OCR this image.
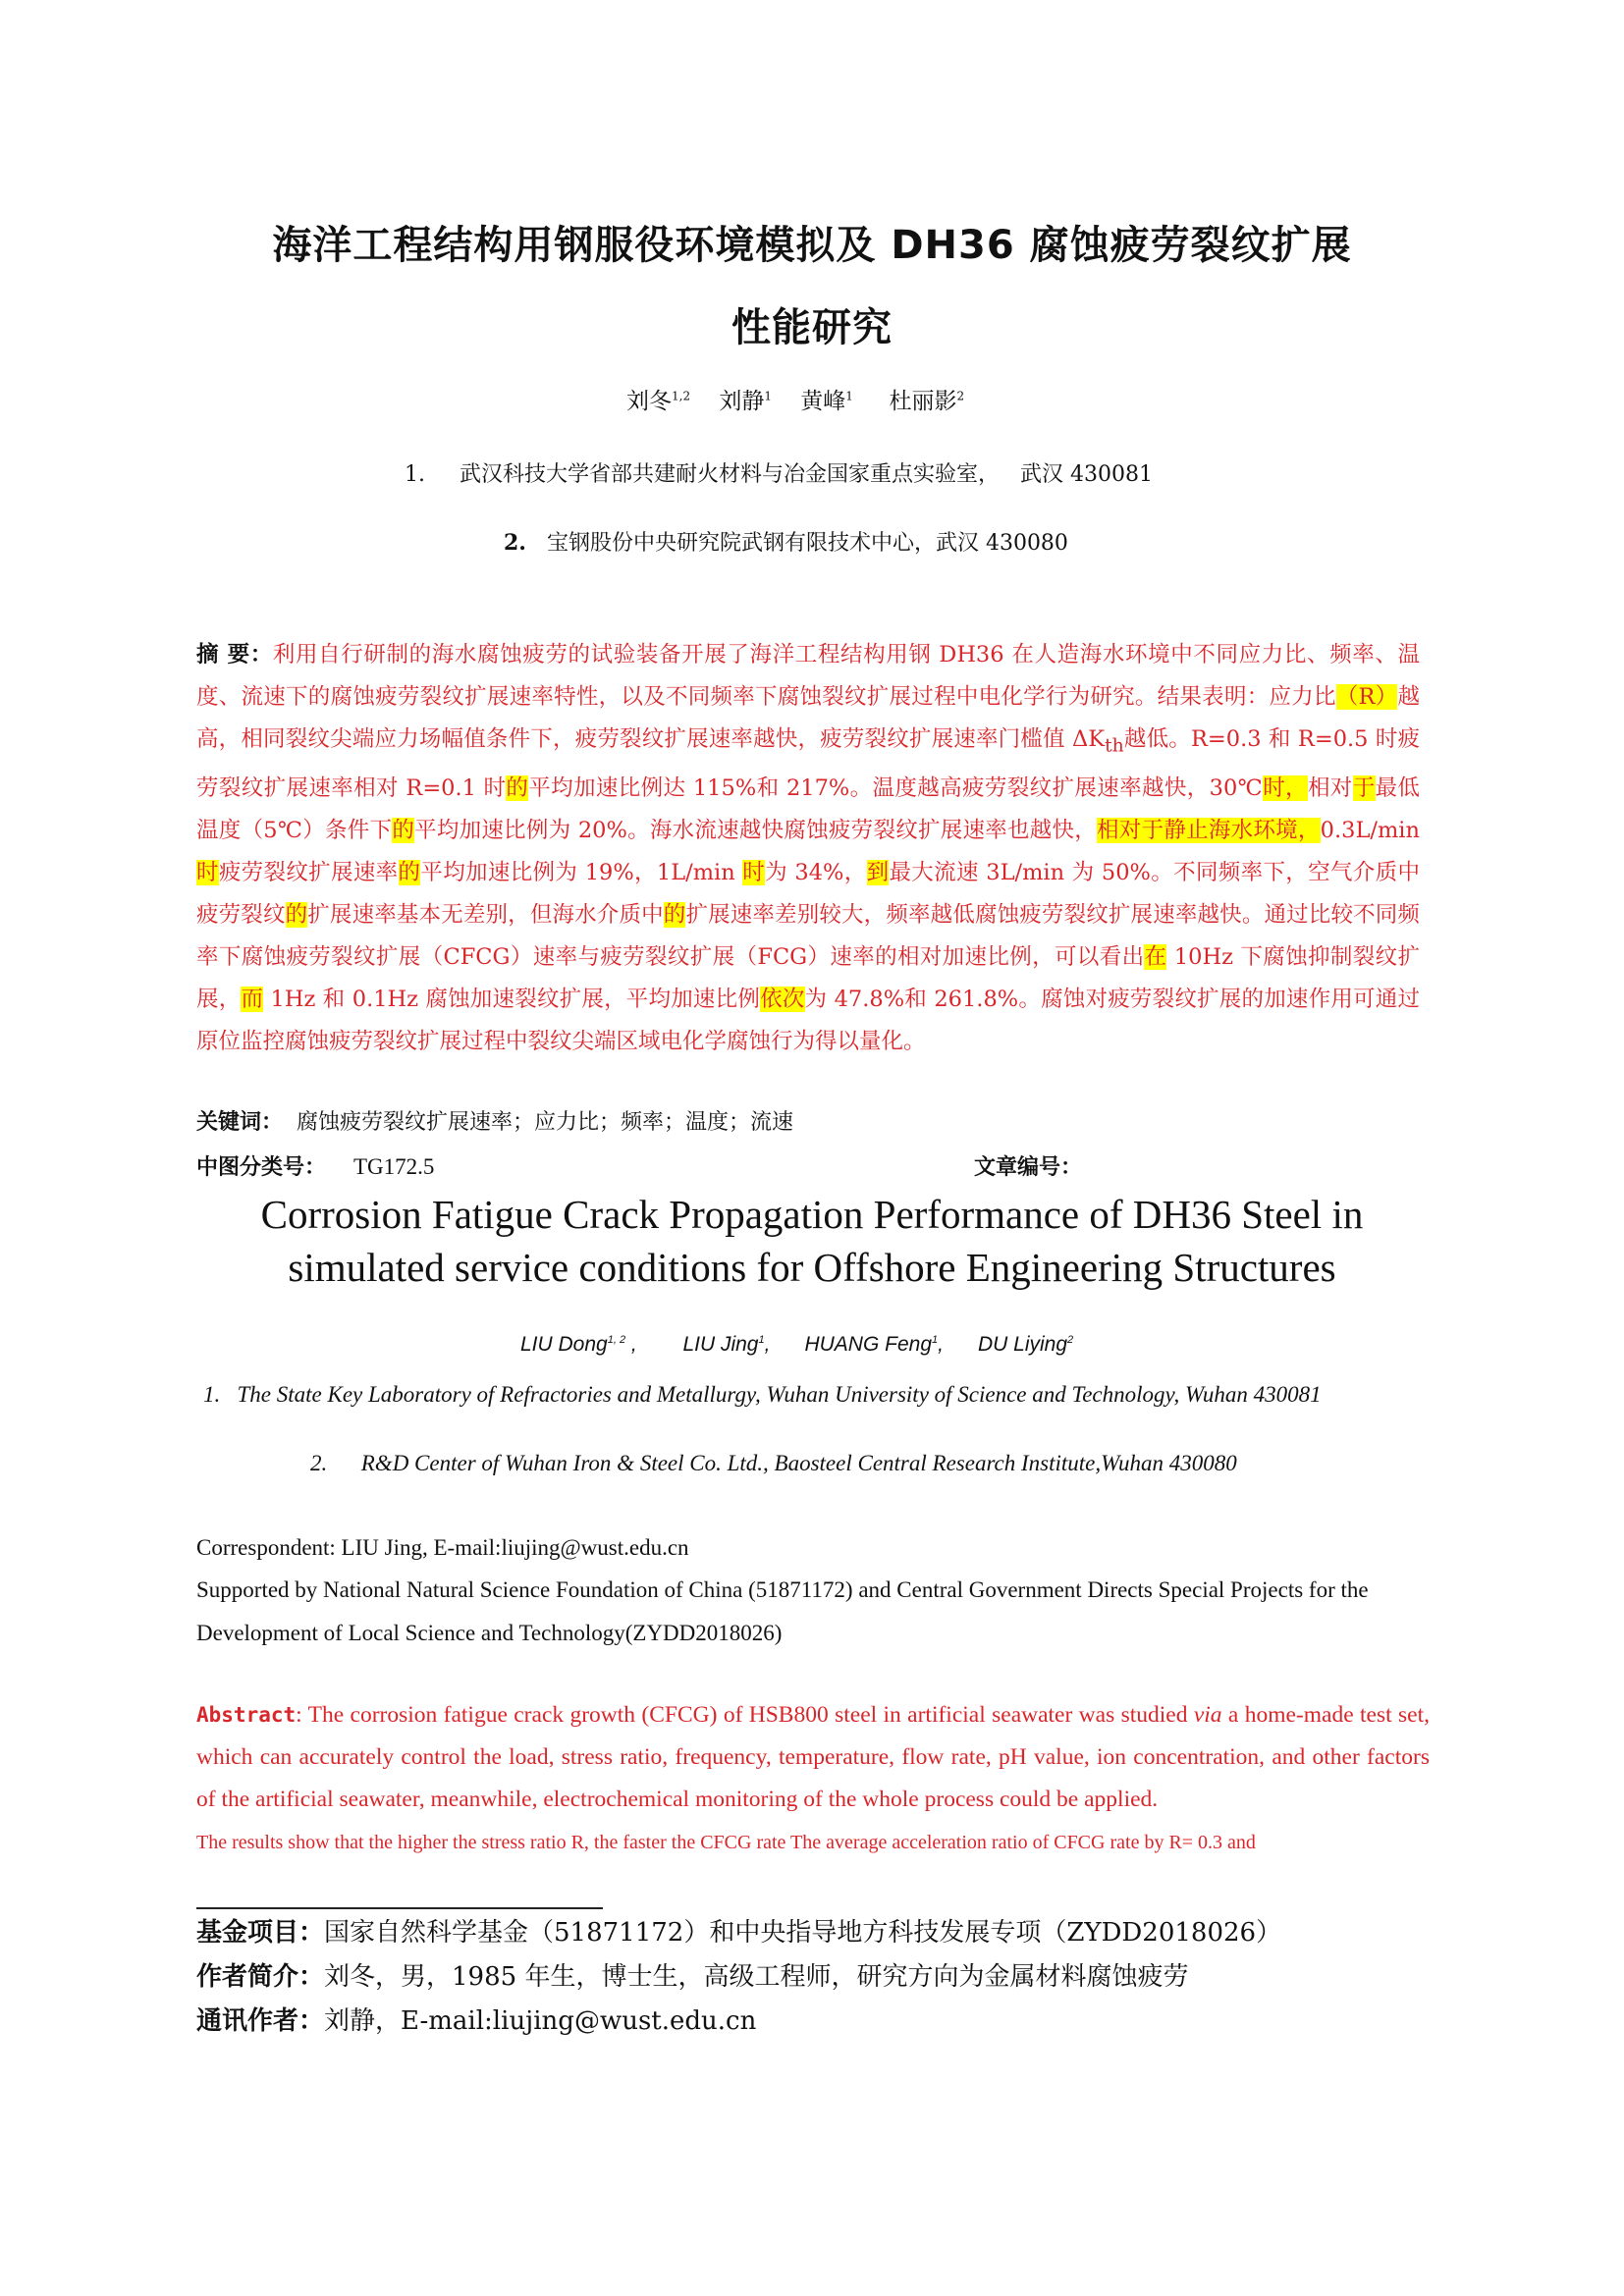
海洋工程结构用钢服役环境模拟及 DH36 腐蚀疲劳裂纹扩展
性能研究
刘冬$^{1,2}$ 刘静$^1$ 黄峰$^1$ 杜丽影$^2$
1. 武汉科技大学省部共建耐火材料与冶金国家重点实验室， 武汉 430081
2. 宝钢股份中央研究院武钢有限技术中心，武汉 430080
摘 要：利用自行研制的海水腐蚀疲劳的试验装备开展了海洋工程结构用钢 DH36 在人造海水环境中不同应力比、频率、温度、流速下的腐蚀疲劳裂纹扩展速率特性，以及不同频率下腐蚀裂纹扩展过程中电化学行为研究。结果表明：应力比（R）越高，相同裂纹尖端应力场幅值条件下，疲劳裂纹扩展速率越快，疲劳裂纹扩展速率门槛值 $\Delta K_{th}$越低。R=0.3 和 R=0.5 时疲劳裂纹扩展速率相对 R=0.1 时的平均加速比例达 115%和 217%。温度越高疲劳裂纹扩展速率越快，30℃时，相对于最低温度（5℃）条件下的平均加速比例为 20%。海水流速越快腐蚀疲劳裂纹扩展速率也越快，相对于静止海水环境，0.3L/min 时疲劳裂纹扩展速率的平均加速比例为 19%，1L/min 时为 34%，到最大流速 3L/min 为 50%。不同频率下，空气介质中疲劳裂纹的扩展速率基本无差别，但海水介质中的扩展速率差别较大，频率越低腐蚀疲劳裂纹扩展速率越快。通过比较不同频率下腐蚀疲劳裂纹扩展（CFCG）速率与疲劳裂纹扩展（FCG）速率的相对加速比例，可以看出在 10Hz 下腐蚀抑制裂纹扩展，而 1Hz 和 0.1Hz 腐蚀加速裂纹扩展，平均加速比例依次为 47.8%和 261.8%。腐蚀对疲劳裂纹扩展的加速作用可通过原位监控腐蚀疲劳裂纹扩展过程中裂纹尖端区域电化学腐蚀行为得以量化。
关键词： 腐蚀疲劳裂纹扩展速率；应力比；频率；温度；流速
中图分类号： TG172.5	文章编号：
Corrosion Fatigue Crack Propagation Performance of DH36 Steel in
simulated service conditions for Offshore Engineering Structures
LIU Dong$^{1, 2}$ , LIU Jing$^1$, HUANG Feng$^1$, DU Liying$^2$
1. The State Key Laboratory of Refractories and Metallurgy, Wuhan University of Science and Technology, Wuhan 430081
2. R&D Center of Wuhan Iron & Steel Co. Ltd., Baosteel Central Research Institute,Wuhan 430080
Correspondent: LIU Jing, E-mail:liujing@wust.edu.cn
Supported by National Natural Science Foundation of China (51871172) and Central Government Directs Special Projects for the Development of Local Science and Technology(ZYDD2018026)
Abstract: The corrosion fatigue crack growth (CFCG) of HSB800 steel in artificial seawater was studied via a home-made test set, which can accurately control the load, stress ratio, frequency, temperature, flow rate, pH value, ion concentration, and other factors of the artificial seawater, meanwhile, electrochemical monitoring of the whole process could be applied.
The results show that the higher the stress ratio R, the faster the CFCG rate The average acceleration ratio of CFCG rate by R= 0.3 and
基金项目：国家自然科学基金（51871172）和中央指导地方科技发展专项（ZYDD2018026）
作者简介：刘冬，男，1985 年生，博士生，高级工程师，研究方向为金属材料腐蚀疲劳
通讯作者：刘静，E-mail:liujing@wust.edu.cn
